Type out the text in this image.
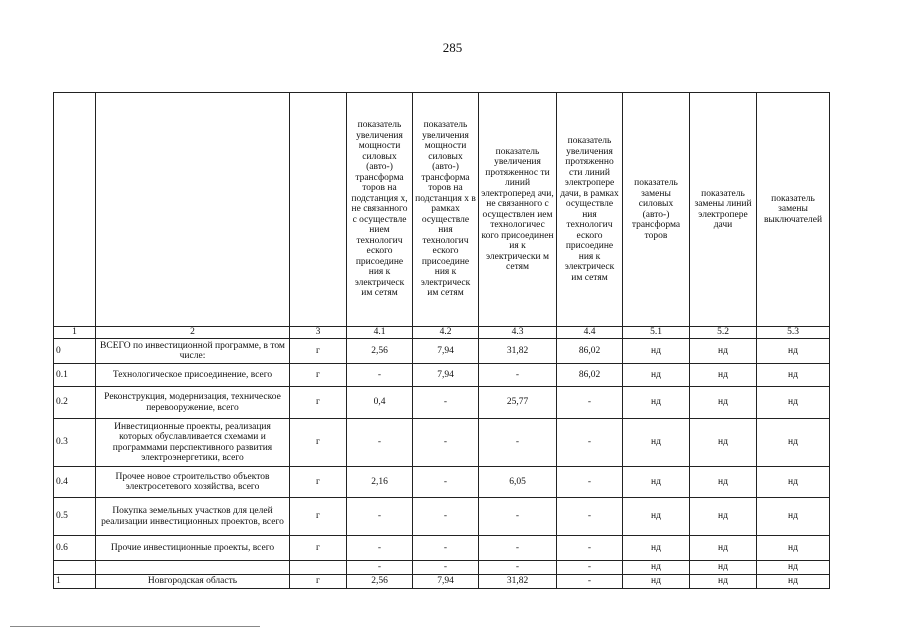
285
			показатель увеличения мощности силовых (авто-) трансформа торов на подстанция х, не связанного с осуществле нием технологич еского присоедине ния к электрическ им сетям	показатель увеличения мощности силовых (авто-) трансформа торов на подстанция х в рамках осуществле ния технологич еского присоедине ния к электрическ им сетям	показатель увеличения протяженнос ти линий электроперед ачи, не связанного с осуществлен ием технологичес кого присоединен ия к электрически м сетям	показатель увеличения протяженно сти линий электропере дачи, в рамках осуществле ния технологич еского присоедине ния к электрическ им сетям	показатель замены силовых (авто-) трансформа торов	показатель замены линий электропере дачи	показатель замены выключателей
1	2	3	4.1	4.2	4.3	4.4	5.1	5.2	5.3
0	ВСЕГО по инвестиционной программе, в том числе:	г	2,56	7,94	31,82	86,02	нд	нд	нд
0.1	Технологическое присоединение, всего	г	-	7,94	-	86,02	нд	нд	нд
0.2	Реконструкция, модернизация, техническое перевооружение, всего	г	0,4	-	25,77	-	нд	нд	нд
0.3	Инвестиционные проекты, реализация которых обуславливается схемами и программами перспективного развития электроэнергетики, всего	г	-	-	-	-	нд	нд	нд
0.4	Прочее новое строительство объектов электросетевого хозяйства, всего	г	2,16	-	6,05	-	нд	нд	нд
0.5	Покупка земельных участков для целей реализации инвестиционных проектов, всего	г	-	-	-	-	нд	нд	нд
0.6	Прочие инвестиционные проекты, всего	г	-	-	-	-	нд	нд	нд
			-	-	-	-	нд	нд	нд
1	Новгородская область	г	2,56	7,94	31,82	-	нд	нд	нд
